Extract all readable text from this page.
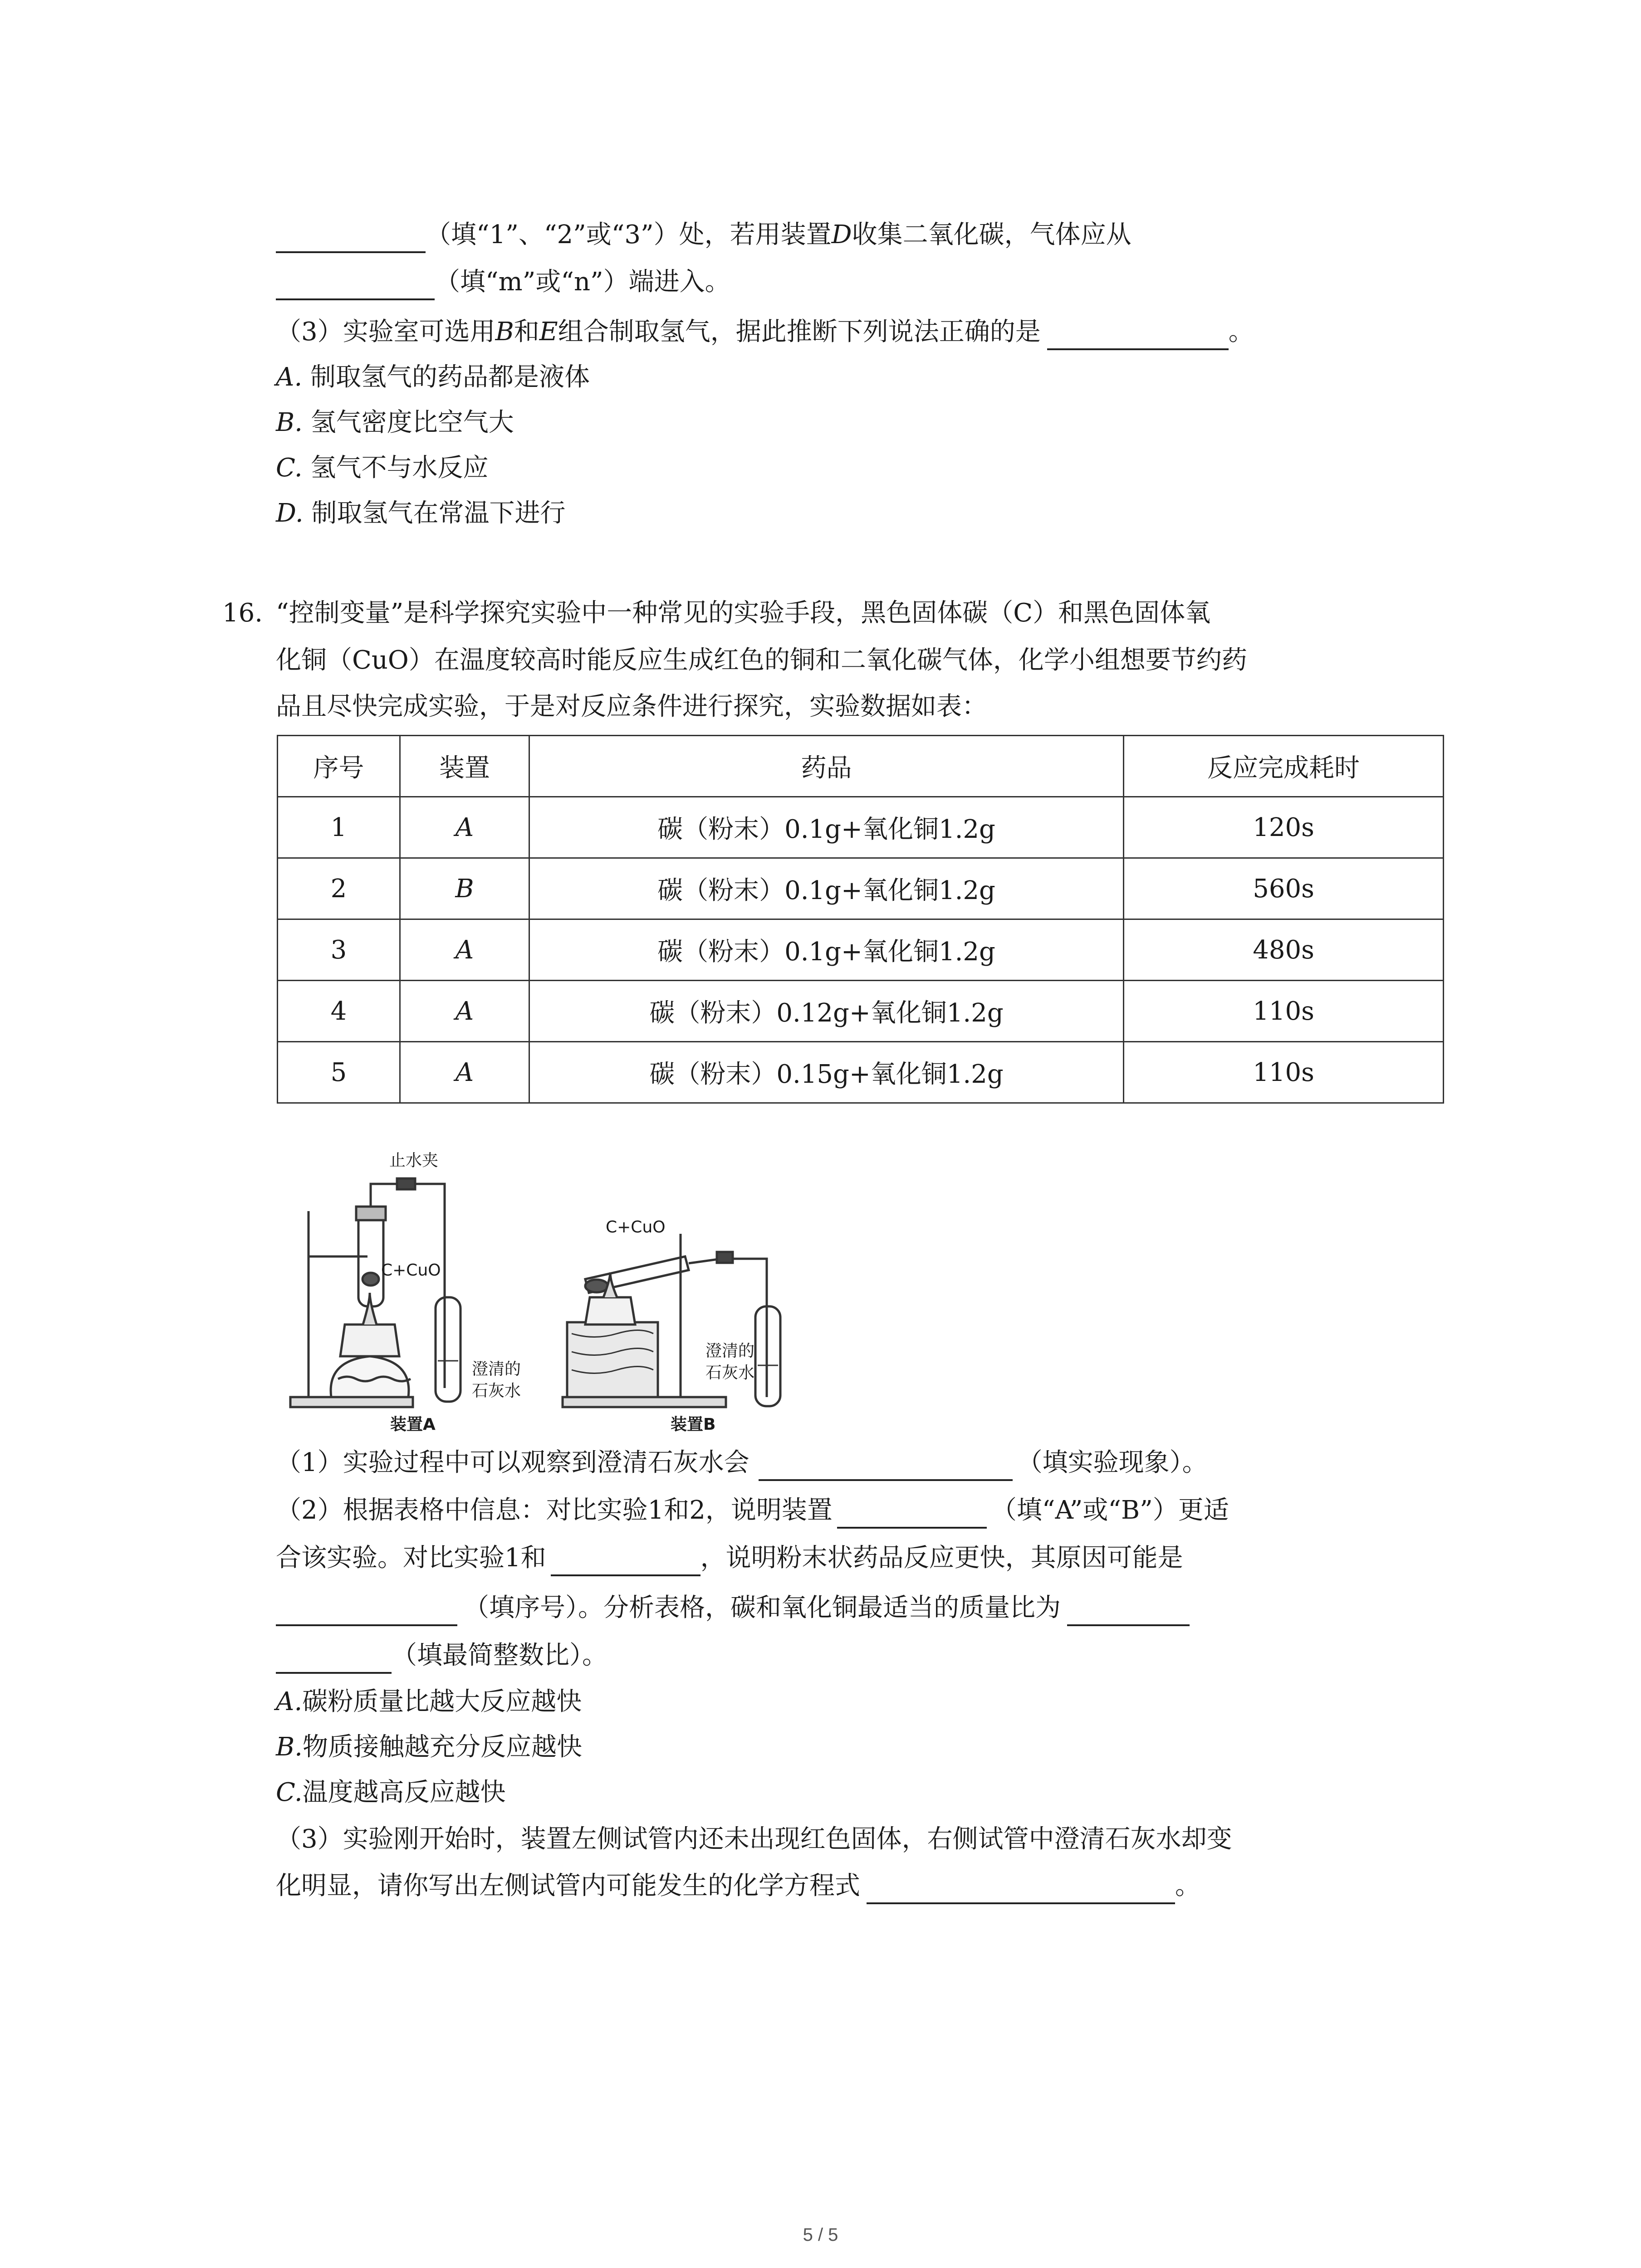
（填“1”、“2”或“3”）处，若用装置D收集二氧化碳，气体应从
（填“m”或“n”）端进入。
（3）实验室可选用B和E组合制取氢气，据此推断下列说法正确的是	。
A. 制取氢气的药品都是液体
B. 氢气密度比空气大
C. 氢气不与水反应
D. 制取氢气在常温下进行
16. “控制变量”是科学探究实验中一种常见的实验手段，黑色固体碳（C）和黑色固体氧
化铜（CuO）在温度较高时能反应生成红色的铜和二氧化碳气体，化学小组想要节约药
品且尽快完成实验，于是对反应条件进行探究，实验数据如表：
序号	装置	药品	反应完成耗时
1	A	碳（粉末）0.1g+氧化铜1.2g	120s
2	B	碳（粉末）0.1g+氧化铜1.2g	560s
3	A	碳（粉末）0.1g+氧化铜1.2g	480s
4	A	碳（粉末）0.12g+氧化铜1.2g	110s
5	A	碳（粉末）0.15g+氧化铜1.2g	110s
止水夹
C+CuO
澄清的
石灰水
装置A
C+CuO
澄清的
石灰水
装置B
（1）实验过程中可以观察到澄清石灰水会	（填实验现象）。
（2）根据表格中信息：对比实验1和2，说明装置	（填“A”或“B”）更适
合该实验。对比实验1和	，说明粉末状药品反应更快，其原因可能是
（填序号）。分析表格，碳和氧化铜最适当的质量比为
（填最简整数比）。
A.碳粉质量比越大反应越快
B.物质接触越充分反应越快
C.温度越高反应越快
（3）实验刚开始时，装置左侧试管内还未出现红色固体，右侧试管中澄清石灰水却变
化明显，请你写出左侧试管内可能发生的化学方程式	。
5 / 5
